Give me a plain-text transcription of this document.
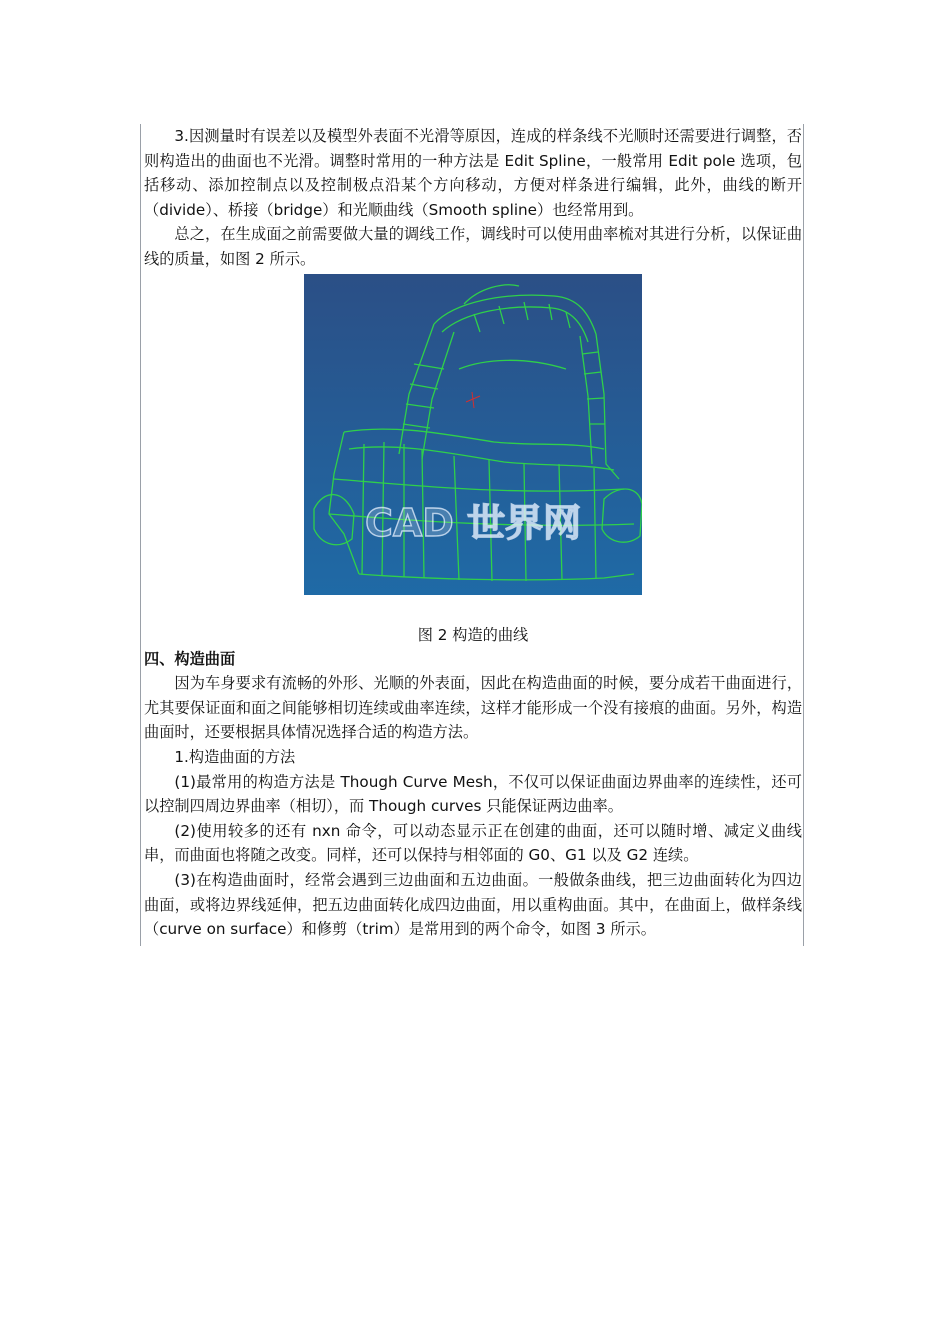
3.因测量时有误差以及模型外表面不光滑等原因，连成的样条线不光顺时还需要进行调整，否则构造出的曲面也不光滑。调整时常用的一种方法是 Edit Spline，一般常用 Edit pole 选项，包括移动、添加控制点以及控制极点沿某个方向移动，方便对样条进行编辑，此外，曲线的断开（divide）、桥接（bridge）和光顺曲线（Smooth spline）也经常用到。

总之，在生成面之前需要做大量的调线工作，调线时可以使用曲率梳对其进行分析，以保证曲线的质量，如图 2 所示。

CAD 世界网

图 2 构造的曲线

四、构造曲面

因为车身要求有流畅的外形、光顺的外表面，因此在构造曲面的时候，要分成若干曲面进行，尤其要保证面和面之间能够相切连续或曲率连续，这样才能形成一个没有接痕的曲面。另外，构造曲面时，还要根据具体情况选择合适的构造方法。

1.构造曲面的方法

(1)最常用的构造方法是 Though Curve Mesh，不仅可以保证曲面边界曲率的连续性，还可以控制四周边界曲率（相切），而 Though curves 只能保证两边曲率。

(2)使用较多的还有 nxn 命令，可以动态显示正在创建的曲面，还可以随时增、减定义曲线串，而曲面也将随之改变。同样，还可以保持与相邻面的 G0、G1 以及 G2 连续。

(3)在构造曲面时，经常会遇到三边曲面和五边曲面。一般做条曲线，把三边曲面转化为四边曲面，或将边界线延伸，把五边曲面转化成四边曲面，用以重构曲面。其中，在曲面上，做样条线（curve on surface）和修剪（trim）是常用到的两个命令，如图 3 所示。
